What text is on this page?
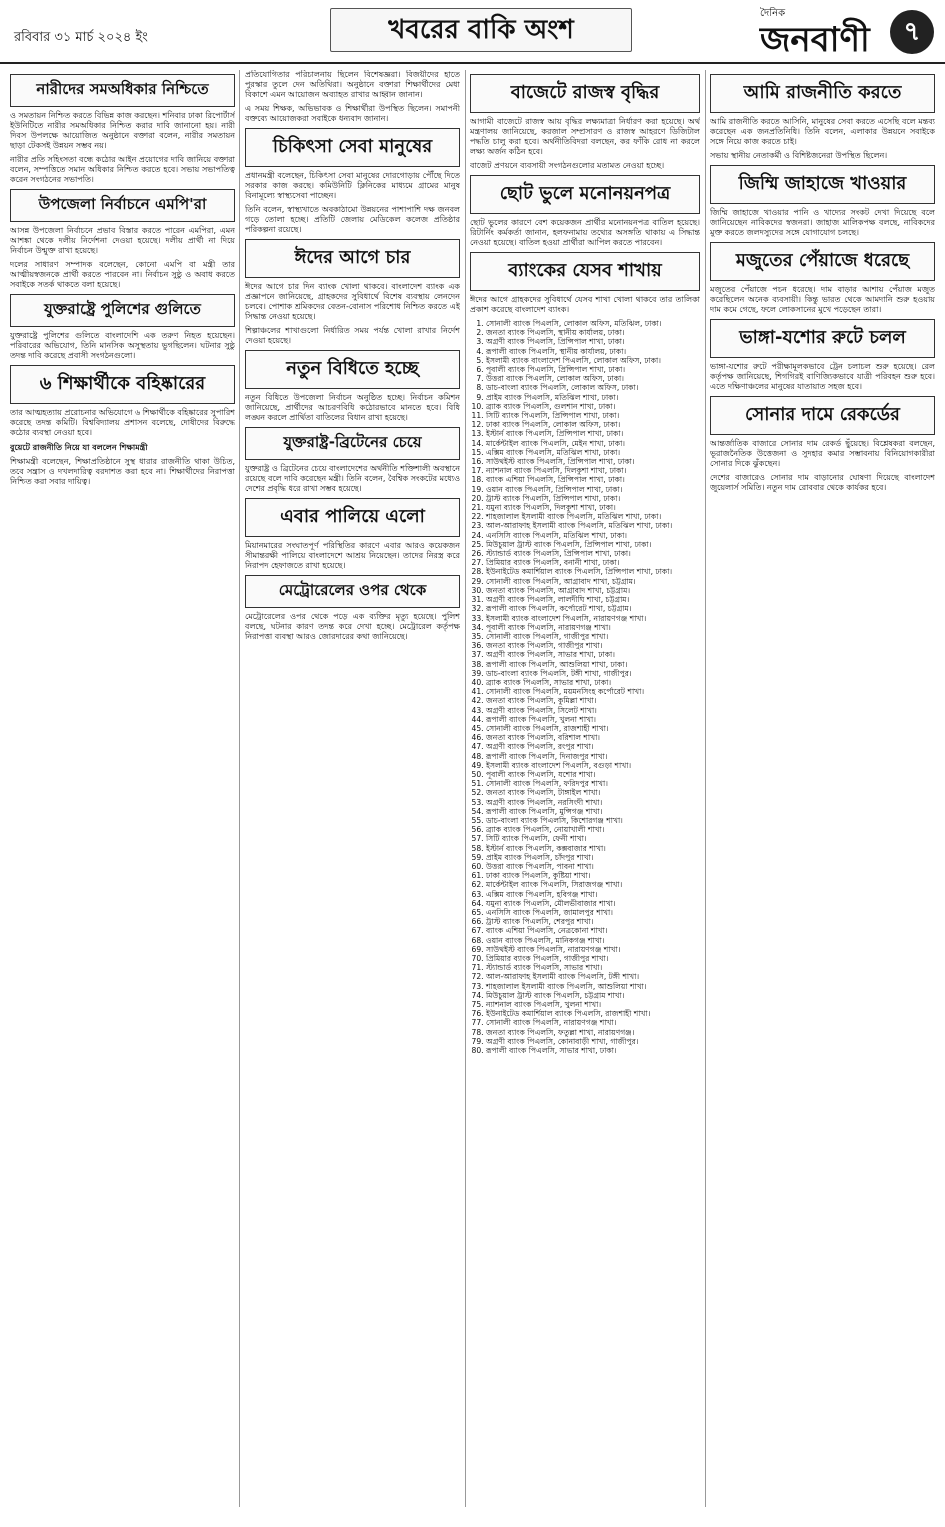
রবিবার ৩১ মার্চ ২০২৪ ইং	খবরের বাকি অংশ
দৈনিক
জনবাণী	৭
নারীদের সমঅধিকার নিশ্চিতে

ও সমতায়ন নিশ্চিত করতে বিভিন্ন কাজ করছেন। শনিবার ঢাকা রিপোর্টার্স ইউনিটিতে নারীর সমঅধিকার নিশ্চিত করার দাবি জানানো হয়। নারী দিবস উপলক্ষে আয়োজিত অনুষ্ঠানে বক্তারা বলেন, নারীর সমতায়ন ছাড়া টেকসই উন্নয়ন সম্ভব নয়।

নারীর প্রতি সহিংসতা বন্ধে কঠোর আইন প্রয়োগের দাবি জানিয়ে বক্তারা বলেন, সম্পত্তিতে সমান অধিকার নিশ্চিত করতে হবে। সভায় সভাপতিত্ব করেন সংগঠনের সভাপতি।

উপজেলা নির্বাচনে এমপি'রা

আসন্ন উপজেলা নির্বাচনে প্রভাব বিস্তার করতে পারেন এমপিরা, এমন আশঙ্কা থেকে দলীয় নির্দেশনা দেওয়া হয়েছে। দলীয় প্রার্থী না দিয়ে নির্বাচন উন্মুক্ত রাখা হয়েছে।

দলের সাধারণ সম্পাদক বলেছেন, কোনো এমপি বা মন্ত্রী তার আত্মীয়স্বজনকে প্রার্থী করতে পারবেন না। নির্বাচন সুষ্ঠু ও অবাধ করতে সবাইকে সতর্ক থাকতে বলা হয়েছে।

যুক্তরাষ্ট্রে পুলিশের গুলিতে

যুক্তরাষ্ট্রে পুলিশের গুলিতে বাংলাদেশি এক তরুণ নিহত হয়েছেন। পরিবারের অভিযোগ, তিনি মানসিক অসুস্থতায় ভুগছিলেন। ঘটনার সুষ্ঠু তদন্ত দাবি করেছে প্রবাসী সংগঠনগুলো।

৬ শিক্ষার্থীকে বহিষ্কারের

তার আত্মহত্যায় প্ররোচনার অভিযোগে ৬ শিক্ষার্থীকে বহিষ্কারের সুপারিশ করেছে তদন্ত কমিটি। বিশ্ববিদ্যালয় প্রশাসন বলেছে, দোষীদের বিরুদ্ধে কঠোর ব্যবস্থা নেওয়া হবে।

বুয়েটে রাজনীতি নিয়ে যা বললেন শিক্ষামন্ত্রী

শিক্ষামন্ত্রী বলেছেন, শিক্ষাপ্রতিষ্ঠানে সুস্থ ধারার রাজনীতি থাকা উচিত, তবে সন্ত্রাস ও দখলদারিত্ব বরদাশত করা হবে না। শিক্ষার্থীদের নিরাপত্তা নিশ্চিত করা সবার দায়িত্ব।

প্রতিযোগিতার পরিচালনায় ছিলেন বিশেষজ্ঞরা। বিজয়ীদের হাতে পুরস্কার তুলে দেন অতিথিরা। অনুষ্ঠানে বক্তারা শিক্ষার্থীদের মেধা বিকাশে এমন আয়োজন অব্যাহত রাখার আহ্বান জানান।

এ সময় শিক্ষক, অভিভাবক ও শিক্ষার্থীরা উপস্থিত ছিলেন। সমাপনী বক্তব্যে আয়োজকরা সবাইকে ধন্যবাদ জানান।

চিকিৎসা সেবা মানুষের

প্রধানমন্ত্রী বলেছেন, চিকিৎসা সেবা মানুষের দোরগোড়ায় পৌঁছে দিতে সরকার কাজ করছে। কমিউনিটি ক্লিনিকের মাধ্যমে গ্রামের মানুষ বিনামূল্যে স্বাস্থ্যসেবা পাচ্ছেন।

তিনি বলেন, স্বাস্থ্যখাতে অবকাঠামো উন্নয়নের পাশাপাশি দক্ষ জনবল গড়ে তোলা হচ্ছে। প্রতিটি জেলায় মেডিকেল কলেজ প্রতিষ্ঠার পরিকল্পনা রয়েছে।

ঈদের আগে চার

ঈদের আগে চার দিন ব্যাংক খোলা থাকবে। বাংলাদেশ ব্যাংক এক প্রজ্ঞাপনে জানিয়েছে, গ্রাহকদের সুবিধার্থে বিশেষ ব্যবস্থায় লেনদেন চলবে। পোশাক শ্রমিকদের বেতন-বোনাস পরিশোধ নিশ্চিত করতে এই সিদ্ধান্ত নেওয়া হয়েছে।

শিল্পাঞ্চলের শাখাগুলো নির্ধারিত সময় পর্যন্ত খোলা রাখার নির্দেশ দেওয়া হয়েছে।

নতুন বিধিতে হচ্ছে

নতুন বিধিতে উপজেলা নির্বাচন অনুষ্ঠিত হচ্ছে। নির্বাচন কমিশন জানিয়েছে, প্রার্থীদের আচরণবিধি কঠোরভাবে মানতে হবে। বিধি লঙ্ঘন করলে প্রার্থিতা বাতিলের বিধান রাখা হয়েছে।

যুক্তরাষ্ট্র-ব্রিটেনের চেয়ে

যুক্তরাষ্ট্র ও ব্রিটেনের চেয়ে বাংলাদেশের অর্থনীতি শক্তিশালী অবস্থানে রয়েছে বলে দাবি করেছেন মন্ত্রী। তিনি বলেন, বৈশ্বিক সংকটের মধ্যেও দেশের প্রবৃদ্ধি ধরে রাখা সম্ভব হয়েছে।

এবার পালিয়ে এলো

মিয়ানমারের সংঘাতপূর্ণ পরিস্থিতির কারণে এবার আরও কয়েকজন সীমান্তরক্ষী পালিয়ে বাংলাদেশে আশ্রয় নিয়েছেন। তাদের নিরস্ত্র করে নিরাপদ হেফাজতে রাখা হয়েছে।

মেট্রোরেলের ওপর থেকে

মেট্রোরেলের ওপর থেকে পড়ে এক ব্যক্তির মৃত্যু হয়েছে। পুলিশ বলছে, ঘটনার কারণ তদন্ত করে দেখা হচ্ছে। মেট্রোরেল কর্তৃপক্ষ নিরাপত্তা ব্যবস্থা আরও জোরদারের কথা জানিয়েছে।

বাজেটে রাজস্ব বৃদ্ধির

আগামী বাজেটে রাজস্ব আয় বৃদ্ধির লক্ষ্যমাত্রা নির্ধারণ করা হয়েছে। অর্থ মন্ত্রণালয় জানিয়েছে, করজাল সম্প্রসারণ ও রাজস্ব আহরণে ডিজিটাল পদ্ধতি চালু করা হবে। অর্থনীতিবিদরা বলছেন, কর ফাঁকি রোধ না করলে লক্ষ্য অর্জন কঠিন হবে।

বাজেট প্রণয়নে ব্যবসায়ী সংগঠনগুলোর মতামত নেওয়া হচ্ছে।

ছোট ভুলে মনোনয়নপত্র

ছোট ভুলের কারণে বেশ কয়েকজন প্রার্থীর মনোনয়নপত্র বাতিল হয়েছে। রিটার্নিং কর্মকর্তা জানান, হলফনামায় তথ্যের অসঙ্গতি থাকায় এ সিদ্ধান্ত নেওয়া হয়েছে। বাতিল হওয়া প্রার্থীরা আপিল করতে পারবেন।

ব্যাংকের যেসব শাখায়

ঈদের আগে গ্রাহকদের সুবিধার্থে যেসব শাখা খোলা থাকবে তার তালিকা প্রকাশ করেছে বাংলাদেশ ব্যাংক।

1. সোনালী ব্যাংক পিএলসি, লোকাল অফিস, মতিঝিল, ঢাকা।
2. জনতা ব্যাংক পিএলসি, স্থানীয় কার্যালয়, ঢাকা।
3. অগ্রণী ব্যাংক পিএলসি, প্রিন্সিপাল শাখা, ঢাকা।
4. রূপালী ব্যাংক পিএলসি, স্থানীয় কার্যালয়, ঢাকা।
5. ইসলামী ব্যাংক বাংলাদেশ পিএলসি, লোকাল অফিস, ঢাকা।
6. পূবালী ব্যাংক পিএলসি, প্রিন্সিপাল শাখা, ঢাকা।
7. উত্তরা ব্যাংক পিএলসি, লোকাল অফিস, ঢাকা।
8. ডাচ-বাংলা ব্যাংক পিএলসি, লোকাল অফিস, ঢাকা।
9. প্রাইম ব্যাংক পিএলসি, মতিঝিল শাখা, ঢাকা।
10. ব্র্যাক ব্যাংক পিএলসি, গুলশান শাখা, ঢাকা।
11. সিটি ব্যাংক পিএলসি, প্রিন্সিপাল শাখা, ঢাকা।
12. ঢাকা ব্যাংক পিএলসি, লোকাল অফিস, ঢাকা।
13. ইস্টার্ন ব্যাংক পিএলসি, প্রিন্সিপাল শাখা, ঢাকা।
14. মার্কেন্টাইল ব্যাংক পিএলসি, মেইন শাখা, ঢাকা।
15. এক্সিম ব্যাংক পিএলসি, মতিঝিল শাখা, ঢাকা।
16. সাউথইস্ট ব্যাংক পিএলসি, প্রিন্সিপাল শাখা, ঢাকা।
17. ন্যাশনাল ব্যাংক পিএলসি, দিলকুশা শাখা, ঢাকা।
18. ব্যাংক এশিয়া পিএলসি, প্রিন্সিপাল শাখা, ঢাকা।
19. ওয়ান ব্যাংক পিএলসি, প্রিন্সিপাল শাখা, ঢাকা।
20. ট্রাস্ট ব্যাংক পিএলসি, প্রিন্সিপাল শাখা, ঢাকা।
21. যমুনা ব্যাংক পিএলসি, দিলকুশা শাখা, ঢাকা।
22. শাহজালাল ইসলামী ব্যাংক পিএলসি, মতিঝিল শাখা, ঢাকা।
23. আল-আরাফাহ ইসলামী ব্যাংক পিএলসি, মতিঝিল শাখা, ঢাকা।
24. এনসিসি ব্যাংক পিএলসি, মতিঝিল শাখা, ঢাকা।
25. মিউচুয়াল ট্রাস্ট ব্যাংক পিএলসি, প্রিন্সিপাল শাখা, ঢাকা।
26. স্ট্যান্ডার্ড ব্যাংক পিএলসি, প্রিন্সিপাল শাখা, ঢাকা।
27. প্রিমিয়ার ব্যাংক পিএলসি, বনানী শাখা, ঢাকা।
28. ইউনাইটেড কমার্শিয়াল ব্যাংক পিএলসি, প্রিন্সিপাল শাখা, ঢাকা।
29. সোনালী ব্যাংক পিএলসি, আগ্রাবাদ শাখা, চট্টগ্রাম।
30. জনতা ব্যাংক পিএলসি, আগ্রাবাদ শাখা, চট্টগ্রাম।
31. অগ্রণী ব্যাংক পিএলসি, লালদীঘি শাখা, চট্টগ্রাম।
32. রূপালী ব্যাংক পিএলসি, কর্পোরেট শাখা, চট্টগ্রাম।
33. ইসলামী ব্যাংক বাংলাদেশ পিএলসি, নারায়ণগঞ্জ শাখা।
34. পূবালী ব্যাংক পিএলসি, নারায়ণগঞ্জ শাখা।
35. সোনালী ব্যাংক পিএলসি, গাজীপুর শাখা।
36. জনতা ব্যাংক পিএলসি, গাজীপুর শাখা।
37. অগ্রণী ব্যাংক পিএলসি, সাভার শাখা, ঢাকা।
38. রূপালী ব্যাংক পিএলসি, আশুলিয়া শাখা, ঢাকা।
39. ডাচ-বাংলা ব্যাংক পিএলসি, টঙ্গী শাখা, গাজীপুর।
40. ব্র্যাক ব্যাংক পিএলসি, সাভার শাখা, ঢাকা।
41. সোনালী ব্যাংক পিএলসি, ময়মনসিংহ কর্পোরেট শাখা।
42. জনতা ব্যাংক পিএলসি, কুমিল্লা শাখা।
43. অগ্রণী ব্যাংক পিএলসি, সিলেট শাখা।
44. রূপালী ব্যাংক পিএলসি, খুলনা শাখা।
45. সোনালী ব্যাংক পিএলসি, রাজশাহী শাখা।
46. জনতা ব্যাংক পিএলসি, বরিশাল শাখা।
47. অগ্রণী ব্যাংক পিএলসি, রংপুর শাখা।
48. রূপালী ব্যাংক পিএলসি, দিনাজপুর শাখা।
49. ইসলামী ব্যাংক বাংলাদেশ পিএলসি, বগুড়া শাখা।
50. পূবালী ব্যাংক পিএলসি, যশোর শাখা।
51. সোনালী ব্যাংক পিএলসি, ফরিদপুর শাখা।
52. জনতা ব্যাংক পিএলসি, টাঙ্গাইল শাখা।
53. অগ্রণী ব্যাংক পিএলসি, নরসিংদী শাখা।
54. রূপালী ব্যাংক পিএলসি, মুন্সিগঞ্জ শাখা।
55. ডাচ-বাংলা ব্যাংক পিএলসি, কিশোরগঞ্জ শাখা।
56. ব্র্যাক ব্যাংক পিএলসি, নোয়াখালী শাখা।
57. সিটি ব্যাংক পিএলসি, ফেনী শাখা।
58. ইস্টার্ন ব্যাংক পিএলসি, কক্সবাজার শাখা।
59. প্রাইম ব্যাংক পিএলসি, চাঁদপুর শাখা।
60. উত্তরা ব্যাংক পিএলসি, পাবনা শাখা।
61. ঢাকা ব্যাংক পিএলসি, কুষ্টিয়া শাখা।
62. মার্কেন্টাইল ব্যাংক পিএলসি, সিরাজগঞ্জ শাখা।
63. এক্সিম ব্যাংক পিএলসি, হবিগঞ্জ শাখা।
64. যমুনা ব্যাংক পিএলসি, মৌলভীবাজার শাখা।
65. এনসিসি ব্যাংক পিএলসি, জামালপুর শাখা।
66. ট্রাস্ট ব্যাংক পিএলসি, শেরপুর শাখা।
67. ব্যাংক এশিয়া পিএলসি, নেত্রকোনা শাখা।
68. ওয়ান ব্যাংক পিএলসি, মানিকগঞ্জ শাখা।
69. সাউথইস্ট ব্যাংক পিএলসি, নারায়ণগঞ্জ শাখা।
70. প্রিমিয়ার ব্যাংক পিএলসি, গাজীপুর শাখা।
71. স্ট্যান্ডার্ড ব্যাংক পিএলসি, সাভার শাখা।
72. আল-আরাফাহ ইসলামী ব্যাংক পিএলসি, টঙ্গী শাখা।
73. শাহজালাল ইসলামী ব্যাংক পিএলসি, আশুলিয়া শাখা।
74. মিউচুয়াল ট্রাস্ট ব্যাংক পিএলসি, চট্টগ্রাম শাখা।
75. ন্যাশনাল ব্যাংক পিএলসি, খুলনা শাখা।
76. ইউনাইটেড কমার্শিয়াল ব্যাংক পিএলসি, রাজশাহী শাখা।
77. সোনালী ব্যাংক পিএলসি, নারায়ণগঞ্জ শাখা।
78. জনতা ব্যাংক পিএলসি, ফতুল্লা শাখা, নারায়ণগঞ্জ।
79. অগ্রণী ব্যাংক পিএলসি, কোনাবাড়ী শাখা, গাজীপুর।
80. রূপালী ব্যাংক পিএলসি, সাভার শাখা, ঢাকা।
আমি রাজনীতি করতে

আমি রাজনীতি করতে আসিনি, মানুষের সেবা করতে এসেছি বলে মন্তব্য করেছেন এক জনপ্রতিনিধি। তিনি বলেন, এলাকার উন্নয়নে সবাইকে সঙ্গে নিয়ে কাজ করতে চাই।

সভায় স্থানীয় নেতাকর্মী ও বিশিষ্টজনেরা উপস্থিত ছিলেন।

জিম্মি জাহাজে খাওয়ার

জিম্মি জাহাজে খাওয়ার পানি ও খাদ্যের সংকট দেখা দিয়েছে বলে জানিয়েছেন নাবিকদের স্বজনরা। জাহাজ মালিকপক্ষ বলছে, নাবিকদের মুক্ত করতে জলদস্যুদের সঙ্গে যোগাযোগ চলছে।

মজুতের পেঁয়াজে ধরেছে

মজুতের পেঁয়াজে পচন ধরেছে। দাম বাড়ার আশায় পেঁয়াজ মজুত করেছিলেন অনেক ব্যবসায়ী। কিন্তু ভারত থেকে আমদানি শুরু হওয়ায় দাম কমে গেছে, ফলে লোকসানের মুখে পড়েছেন তারা।

ভাঙ্গা-যশোর রুটে চলল

ভাঙ্গা-যশোর রুটে পরীক্ষামূলকভাবে ট্রেন চলাচল শুরু হয়েছে। রেল কর্তৃপক্ষ জানিয়েছে, শিগগিরই বাণিজ্যিকভাবে যাত্রী পরিবহন শুরু হবে। এতে দক্ষিণাঞ্চলের মানুষের যাতায়াত সহজ হবে।

সোনার দামে রেকর্ডের

আন্তর্জাতিক বাজারে সোনার দাম রেকর্ড ছুঁয়েছে। বিশ্লেষকরা বলছেন, ভূরাজনৈতিক উত্তেজনা ও সুদহার কমার সম্ভাবনায় বিনিয়োগকারীরা সোনার দিকে ঝুঁকছেন।

দেশের বাজারেও সোনার দাম বাড়ানোর ঘোষণা দিয়েছে বাংলাদেশ জুয়েলার্স সমিতি। নতুন দাম রোববার থেকে কার্যকর হবে।
